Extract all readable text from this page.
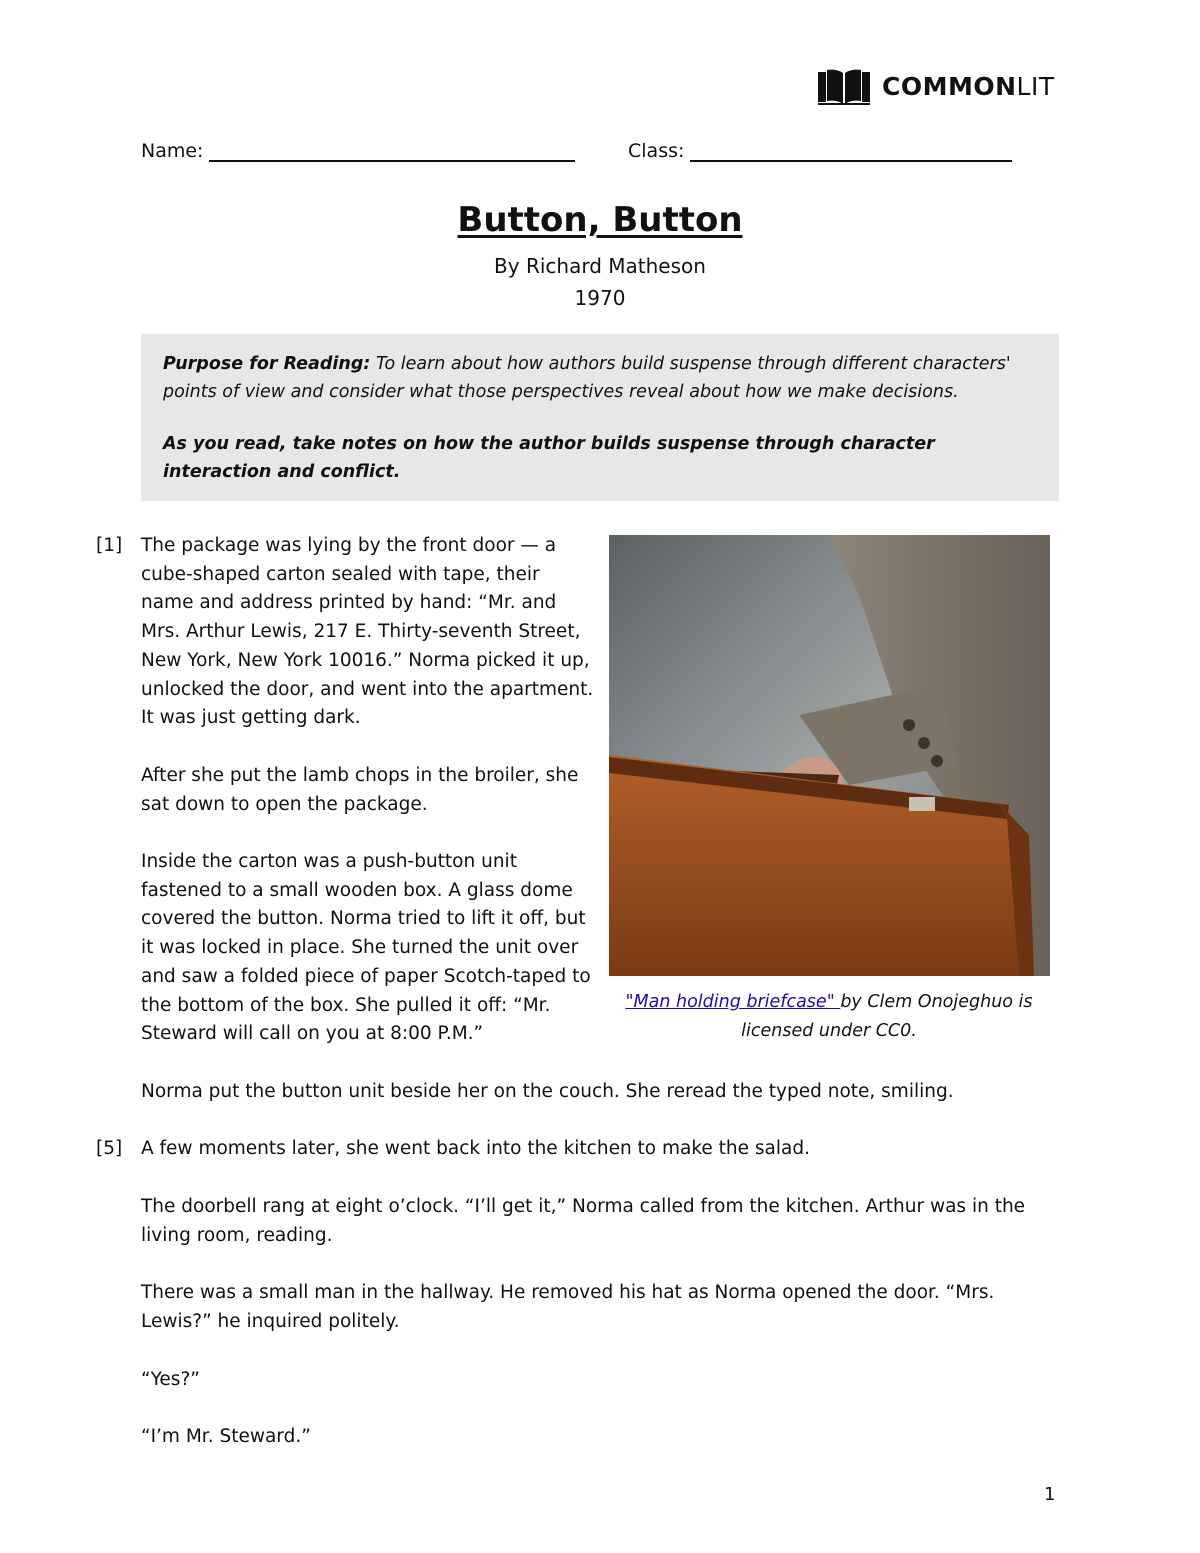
COMMONLIT
Name:	Class:
Button, Button
By Richard Matheson
1970

Purpose for Reading: To learn about how authors build suspense through different characters' points of view and consider what those perspectives reveal about how we make decisions.

As you read, take notes on how the author builds suspense through character interaction and conflict.

[1] The package was lying by the front door — a cube-shaped carton sealed with tape, their name and address printed by hand: “Mr. and Mrs. Arthur Lewis, 217 E. Thirty-seventh Street, New York, New York 10016.” Norma picked it up, unlocked the door, and went into the apartment. It was just getting dark.
After she put the lamb chops in the broiler, she sat down to open the package.
Inside the carton was a push-button unit fastened to a small wooden box. A glass dome covered the button. Norma tried to lift it off, but it was locked in place. She turned the unit over and saw a folded piece of paper Scotch-taped to the bottom of the box. She pulled it off: “Mr. Steward will call on you at 8:00 P.M.”
"Man holding briefcase" by Clem Onojeghuo is licensed under CC0.
Norma put the button unit beside her on the couch. She reread the typed note, smiling.
[5] A few moments later, she went back into the kitchen to make the salad.
The doorbell rang at eight o’clock. “I’ll get it,” Norma called from the kitchen. Arthur was in the living room, reading.
There was a small man in the hallway. He removed his hat as Norma opened the door. “Mrs. Lewis?” he inquired politely.
“Yes?”
“I’m Mr. Steward.”
1
